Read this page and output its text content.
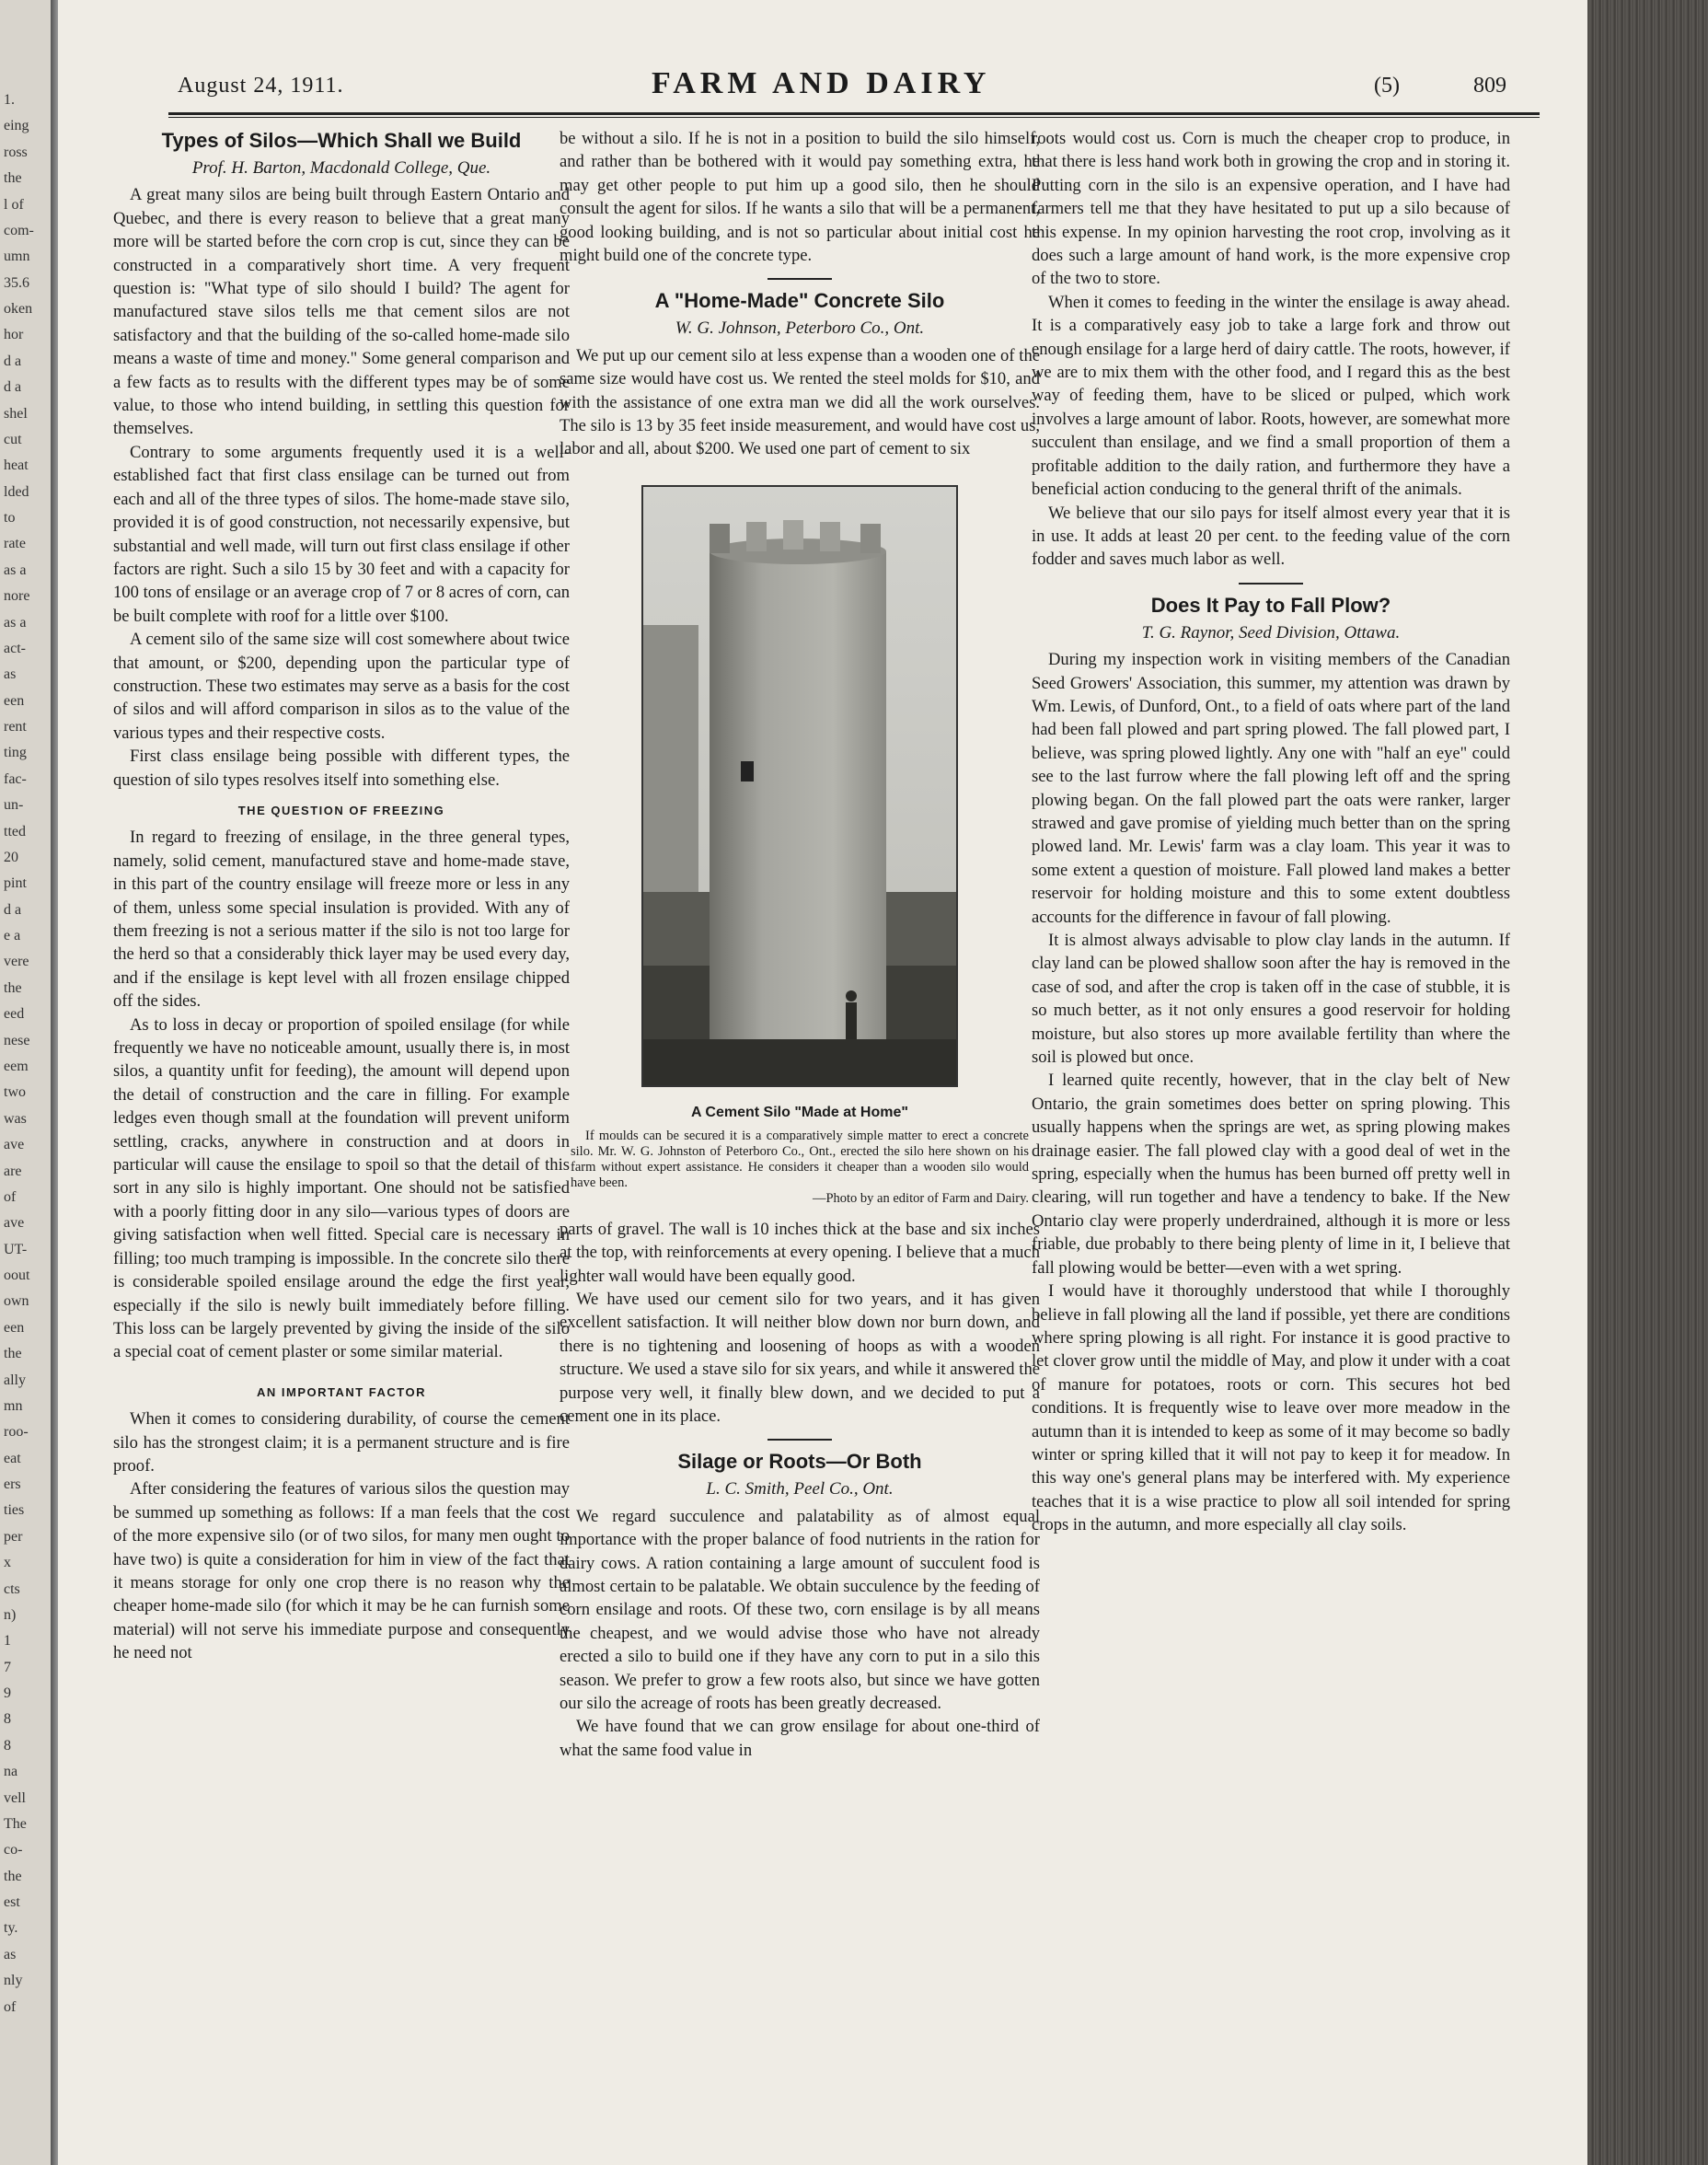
1.
eing
ross
the
l of
com-
umn
35.6
oken
hor
d a
d a
shel
cut
heat
lded
to
rate
as a
nore
as a
act-
as
een
rent
ting
fac-
un-
tted
20
pint
d a
e a
vere
the
eed
nese
eem
two
was
ave
are
of
ave
UT-
oout
own
een
the
ally
mn
roo-
eat
ers
ties
per
x
cts
n)
1
7
9
8
8
na
vell
The
co-
the
est
ty.
as
nly
of
August 24, 1911.	FARM AND DAIRY	(5)	809
Types of Silos—Which Shall we Build
Prof. H. Barton, Macdonald College, Que.

A great many silos are being built through Eastern Ontario and Quebec, and there is every reason to believe that a great many more will be started before the corn crop is cut, since they can be constructed in a comparatively short time. A very frequent question is: "What type of silo should I build? The agent for manufactured stave silos tells me that cement silos are not satisfactory and that the building of the so-called home-made silo means a waste of time and money." Some general comparison and a few facts as to results with the different types may be of some value, to those who intend building, in settling this question for themselves.

Contrary to some arguments frequently used it is a well-established fact that first class ensilage can be turned out from each and all of the three types of silos. The home-made stave silo, provided it is of good construction, not necessarily expensive, but substantial and well made, will turn out first class ensilage if other factors are right. Such a silo 15 by 30 feet and with a capacity for 100 tons of ensilage or an average crop of 7 or 8 acres of corn, can be built complete with roof for a little over $100.

A cement silo of the same size will cost somewhere about twice that amount, or $200, depending upon the particular type of construction. These two estimates may serve as a basis for the cost of silos and will afford comparison in silos as to the value of the various types and their respective costs.

First class ensilage being possible with different types, the question of silo types resolves itself into something else.

THE QUESTION OF FREEZING

In regard to freezing of ensilage, in the three general types, namely, solid cement, manufactured stave and home-made stave, in this part of the country ensilage will freeze more or less in any of them, unless some special insulation is provided. With any of them freezing is not a serious matter if the silo is not too large for the herd so that a considerably thick layer may be used every day, and if the ensilage is kept level with all frozen ensilage chipped off the sides.

As to loss in decay or proportion of spoiled ensilage (for while frequently we have no noticeable amount, usually there is, in most silos, a quantity unfit for feeding), the amount will depend upon the detail of construction and the care in filling. For example ledges even though small at the foundation will prevent uniform settling, cracks, anywhere in construction and at doors in particular will cause the ensilage to spoil so that the detail of this sort in any silo is highly important. One should not be satisfied with a poorly fitting door in any silo—various types of doors are giving satisfaction when well fitted. Special care is necessary in filling; too much tramping is impossible. In the concrete silo there is considerable spoiled ensilage around the edge the first year, especially if the silo is newly built immediately before filling. This loss can be largely prevented by giving the inside of the silo a special coat of cement plaster or some similar material.

AN IMPORTANT FACTOR

When it comes to considering durability, of course the cement silo has the strongest claim; it is a permanent structure and is fire proof.

After considering the features of various silos the question may be summed up something as follows: If a man feels that the cost of the more expensive silo (or of two silos, for many men ought to have two) is quite a consideration for him in view of the fact that it means storage for only one crop there is no reason why the cheaper home-made silo (for which it may be he can furnish some material) will not serve his immediate purpose and consequently he need not

be without a silo. If he is not in a position to build the silo himself, and rather than be bothered with it would pay something extra, he may get other people to put him up a good silo, then he should consult the agent for silos. If he wants a silo that will be a permanent, good looking building, and is not so particular about initial cost he might build one of the concrete type.

A "Home-Made" Concrete Silo
W. G. Johnson, Peterboro Co., Ont.

We put up our cement silo at less expense than a wooden one of the same size would have cost us. We rented the steel molds for $10, and with the assistance of one extra man we did all the work ourselves. The silo is 13 by 35 feet inside measurement, and would have cost us, labor and all, about $200. We used one part of cement to six

A Cement Silo "Made at Home"
If moulds can be secured it is a comparatively simple matter to erect a concrete silo. Mr. W. G. Johnston of Peterboro Co., Ont., erected the silo here shown on his farm without expert assistance. He considers it cheaper than a wooden silo would have been.
—Photo by an editor of Farm and Dairy.

parts of gravel. The wall is 10 inches thick at the base and six inches at the top, with reinforcements at every opening. I believe that a much lighter wall would have been equally good.

We have used our cement silo for two years, and it has given excellent satisfaction. It will neither blow down nor burn down, and there is no tightening and loosening of hoops as with a wooden structure. We used a stave silo for six years, and while it answered the purpose very well, it finally blew down, and we decided to put a cement one in its place.

Silage or Roots—Or Both
L. C. Smith, Peel Co., Ont.

We regard succulence and palatability as of almost equal importance with the proper balance of food nutrients in the ration for dairy cows. A ration containing a large amount of succulent food is almost certain to be palatable. We obtain succulence by the feeding of corn ensilage and roots. Of these two, corn ensilage is by all means the cheapest, and we would advise those who have not already erected a silo to build one if they have any corn to put in a silo this season. We prefer to grow a few roots also, but since we have gotten our silo the acreage of roots has been greatly decreased.

We have found that we can grow ensilage for about one-third of what the same food value in

roots would cost us. Corn is much the cheaper crop to produce, in that there is less hand work both in growing the crop and in storing it. Putting corn in the silo is an expensive operation, and I have had farmers tell me that they have hesitated to put up a silo because of this expense. In my opinion harvesting the root crop, involving as it does such a large amount of hand work, is the more expensive crop of the two to store.

When it comes to feeding in the winter the ensilage is away ahead. It is a comparatively easy job to take a large fork and throw out enough ensilage for a large herd of dairy cattle. The roots, however, if we are to mix them with the other food, and I regard this as the best way of feeding them, have to be sliced or pulped, which work involves a large amount of labor. Roots, however, are somewhat more succulent than ensilage, and we find a small proportion of them a profitable addition to the daily ration, and furthermore they have a beneficial action conducing to the general thrift of the animals.

We believe that our silo pays for itself almost every year that it is in use. It adds at least 20 per cent. to the feeding value of the corn fodder and saves much labor as well.

Does It Pay to Fall Plow?
T. G. Raynor, Seed Division, Ottawa.

During my inspection work in visiting members of the Canadian Seed Growers' Association, this summer, my attention was drawn by Wm. Lewis, of Dunford, Ont., to a field of oats where part of the land had been fall plowed and part spring plowed. The fall plowed part, I believe, was spring plowed lightly. Any one with "half an eye" could see to the last furrow where the fall plowing left off and the spring plowing began. On the fall plowed part the oats were ranker, larger strawed and gave promise of yielding much better than on the spring plowed land. Mr. Lewis' farm was a clay loam. This year it was to some extent a question of moisture. Fall plowed land makes a better reservoir for holding moisture and this to some extent doubtless accounts for the difference in favour of fall plowing.

It is almost always advisable to plow clay lands in the autumn. If clay land can be plowed shallow soon after the hay is removed in the case of sod, and after the crop is taken off in the case of stubble, it is so much better, as it not only ensures a good reservoir for holding moisture, but also stores up more available fertility than where the soil is plowed but once.

I learned quite recently, however, that in the clay belt of New Ontario, the grain sometimes does better on spring plowing. This usually happens when the springs are wet, as spring plowing makes drainage easier. The fall plowed clay with a good deal of wet in the spring, especially when the humus has been burned off pretty well in clearing, will run together and have a tendency to bake. If the New Ontario clay were properly underdrained, although it is more or less friable, due probably to there being plenty of lime in it, I believe that fall plowing would be better—even with a wet spring.

I would have it thoroughly understood that while I thoroughly believe in fall plowing all the land if possible, yet there are conditions where spring plowing is all right. For instance it is good practive to let clover grow until the middle of May, and plow it under with a coat of manure for potatoes, roots or corn. This secures hot bed conditions. It is frequently wise to leave over more meadow in the autumn than it is intended to keep as some of it may become so badly winter or spring killed that it will not pay to keep it for meadow. In this way one's general plans may be interfered with. My experience teaches that it is a wise practice to plow all soil intended for spring crops in the autumn, and more especially all clay soils.
